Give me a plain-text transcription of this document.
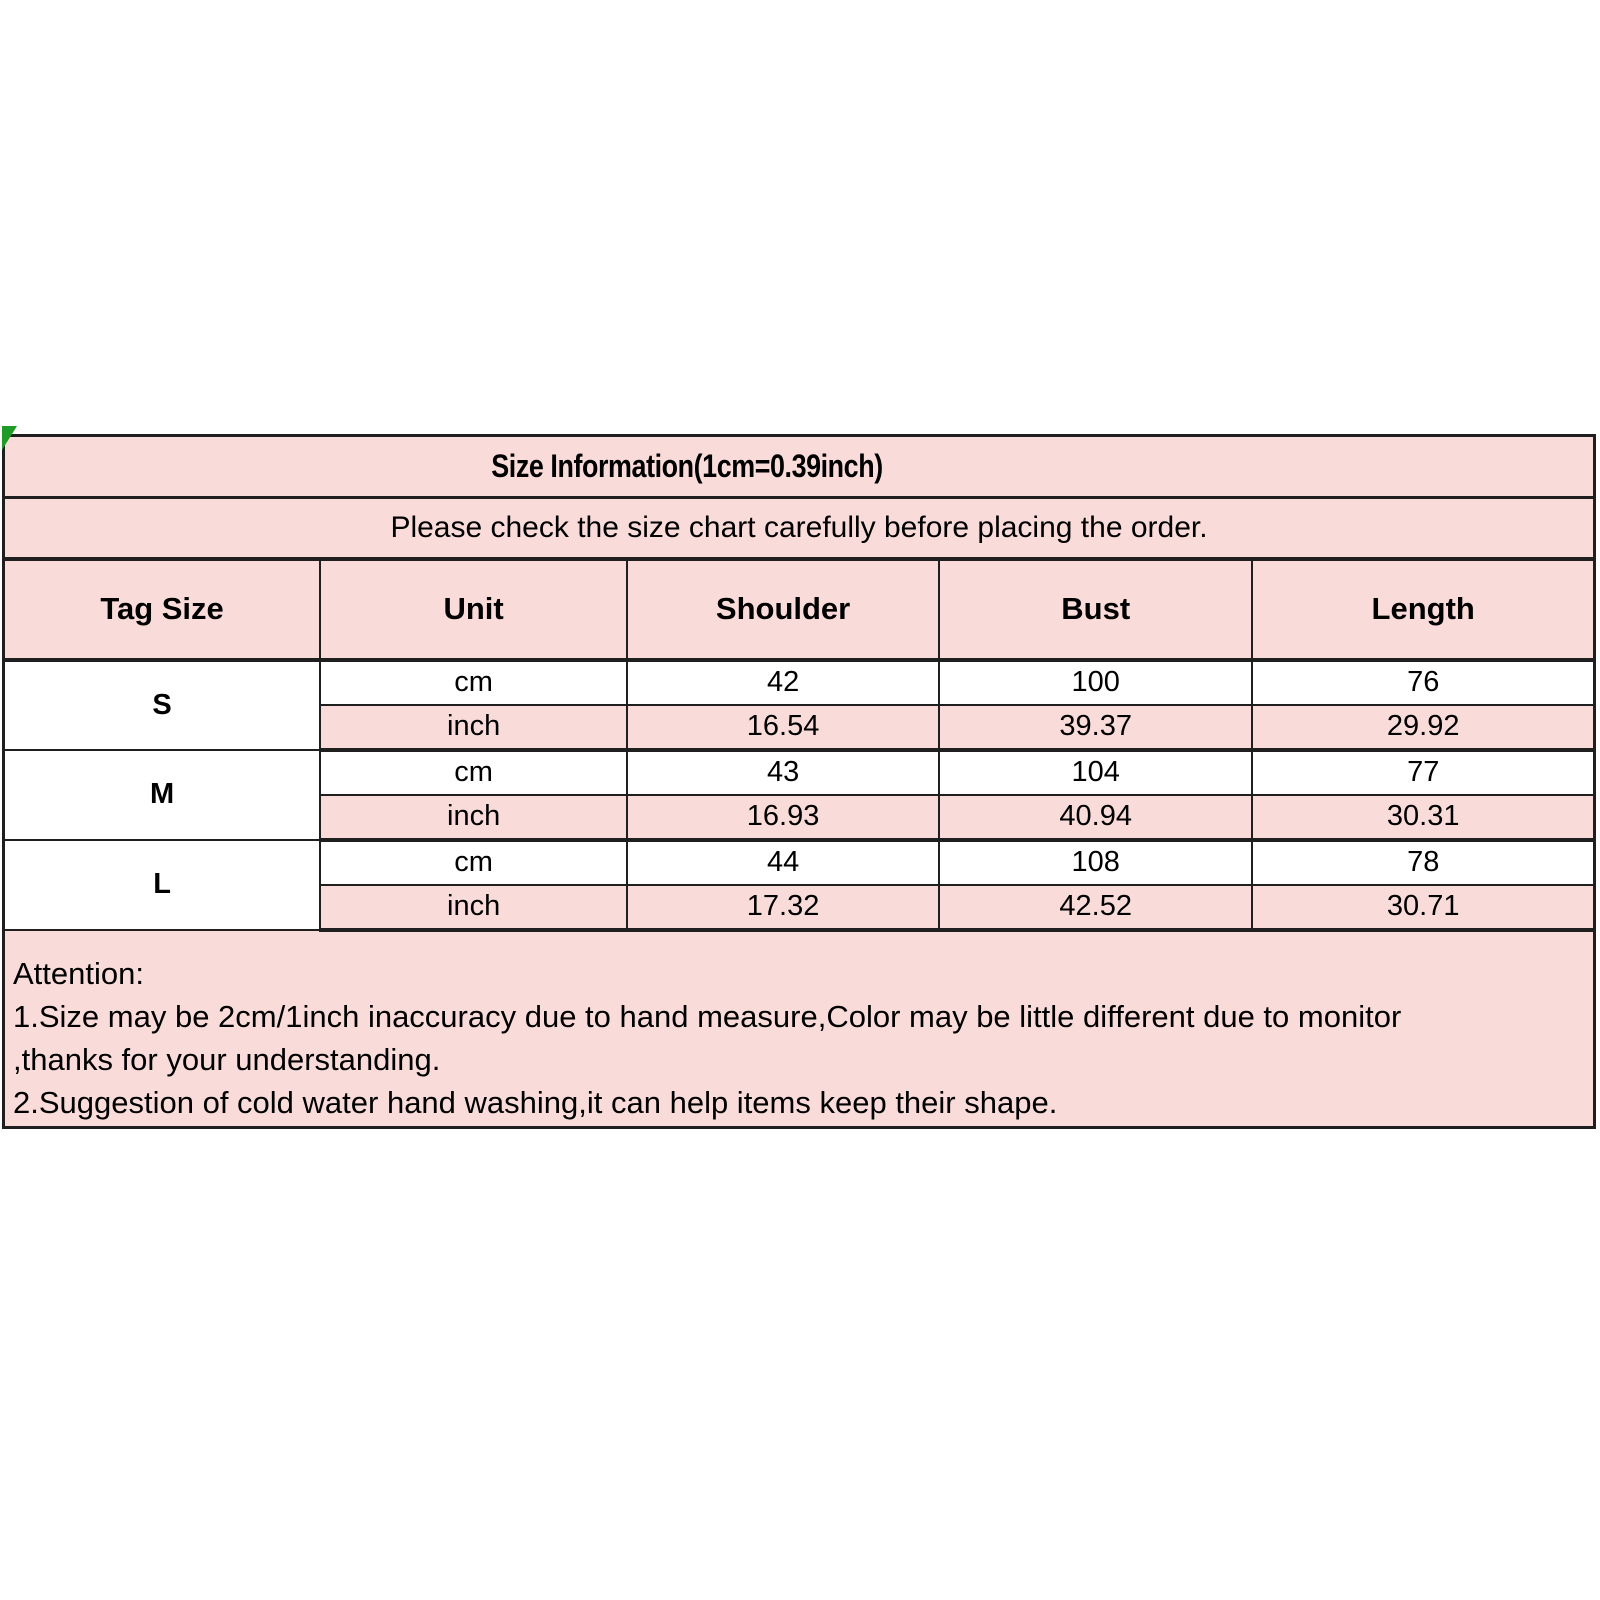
Size Information(1cm=0.39inch)				
Please check the size chart carefully before placing the order.				
Tag Size	Unit	Shoulder	Bust	Length
S	cm	42	100	76
	inch	16.54	39.37	29.92
M	cm	43	104	77
	inch	16.93	40.94	30.31
L	cm	44	108	78
	inch	17.32	42.52	30.71

Attention:
1.Size may be 2cm/1inch inaccuracy due to hand measure,Color may be little different due to monitor
,thanks for your understanding.
2.Suggestion of cold water hand washing,it can help items keep their shape.				
